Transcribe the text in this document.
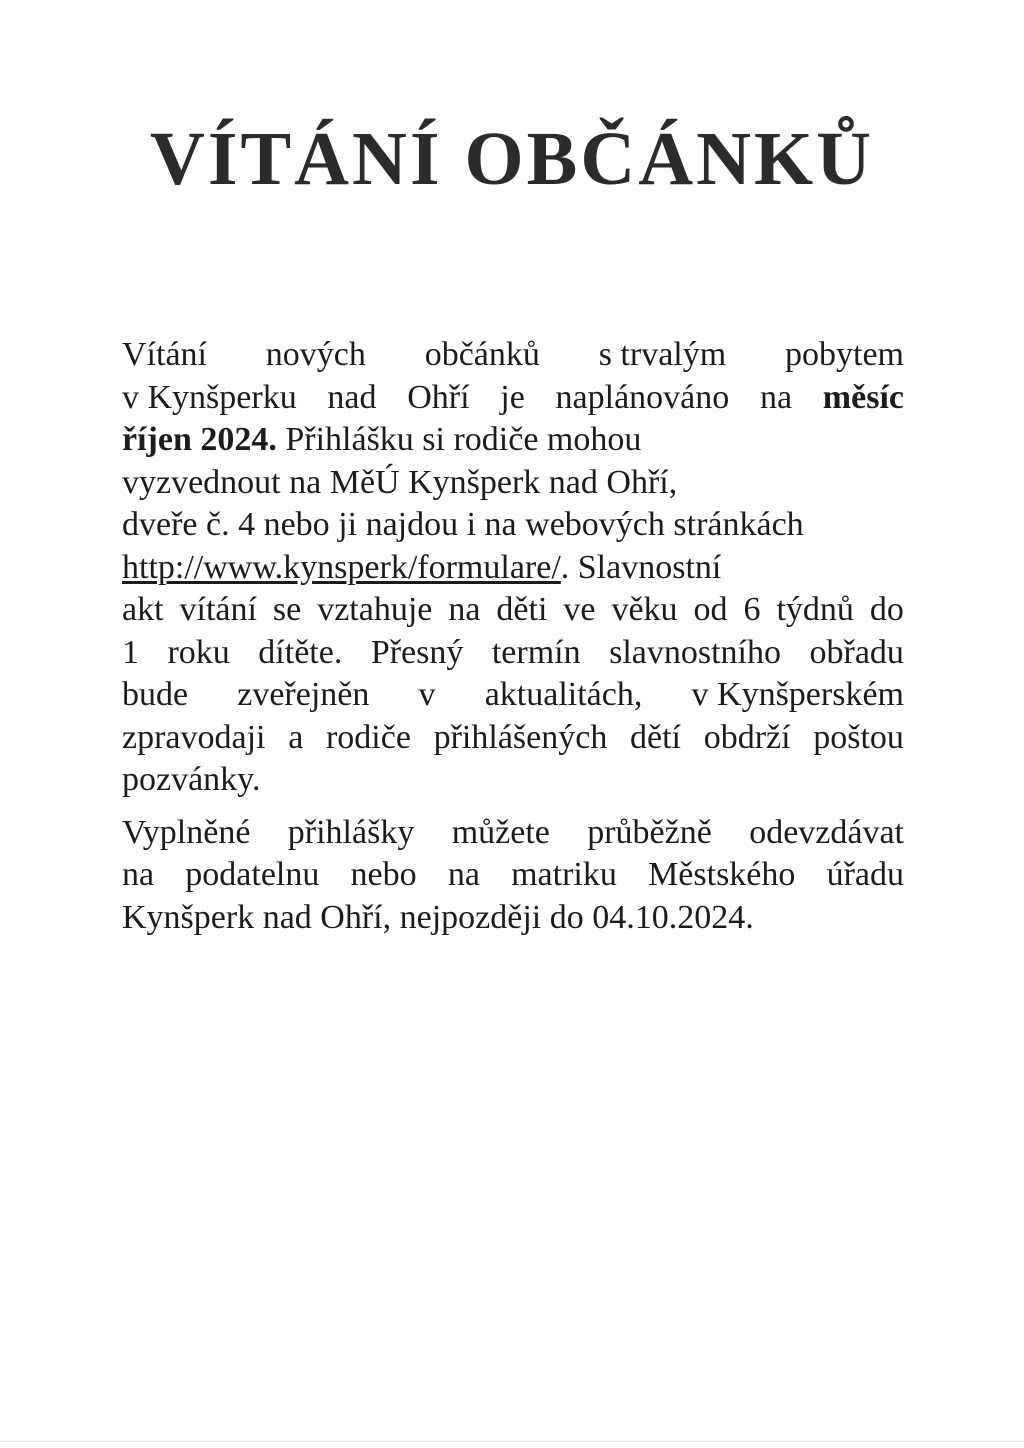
VÍTÁNÍ OBČÁNKŮ

Vítání nových občánků s trvalým pobytem
v Kynšperku nad Ohří je naplánováno na měsíc
říjen 2024. Přihlášku si rodiče mohou
vyzvednout na MěÚ Kynšperk nad Ohří,
dveře č. 4 nebo ji najdou i na webových stránkách
http://www.kynsperk/formulare/. Slavnostní
akt vítání se vztahuje na děti ve věku od 6 týdnů do
1 roku dítěte. Přesný termín slavnostního obřadu
bude zveřejněn v aktualitách, v Kynšperském
zpravodaji a rodiče přihlášených dětí obdrží poštou
pozvánky.

Vyplněné přihlášky můžete průběžně odevzdávat
na podatelnu nebo na matriku Městského úřadu
Kynšperk nad Ohří, nejpozději do 04.10.2024.
